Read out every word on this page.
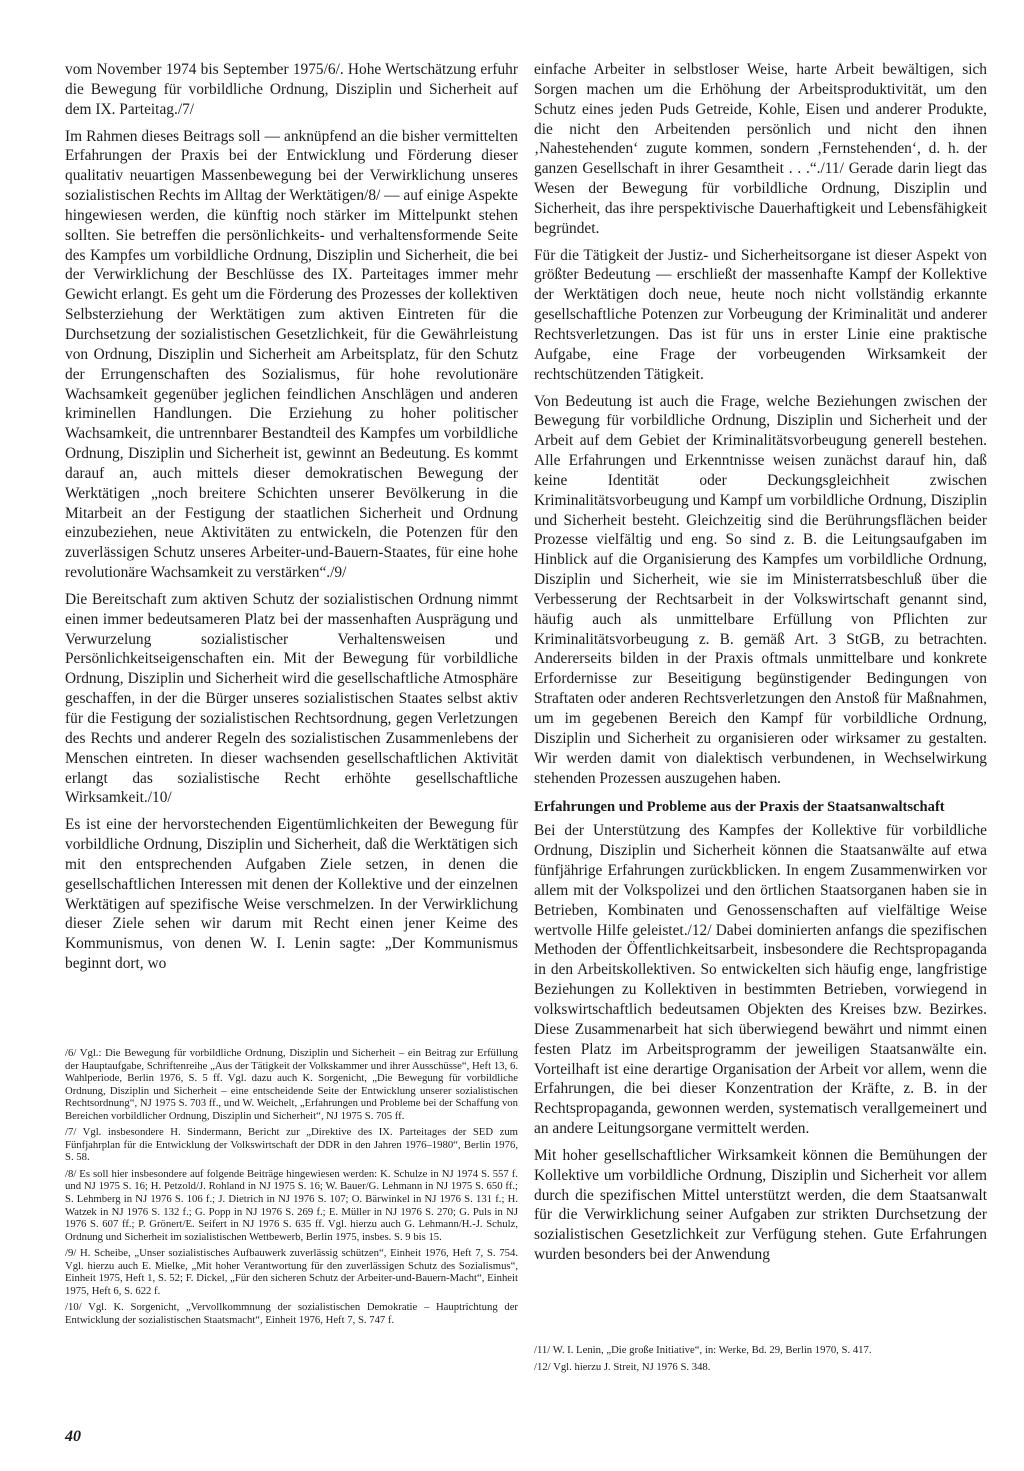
vom November 1974 bis September 1975/6/. Hohe Wertschätzung erfuhr die Bewegung für vorbildliche Ordnung, Disziplin und Sicherheit auf dem IX. Parteitag./7/

Im Rahmen dieses Beitrags soll — anknüpfend an die bisher vermittelten Erfahrungen der Praxis bei der Entwicklung und Förderung dieser qualitativ neuartigen Massenbewegung bei der Verwirklichung unseres sozialistischen Rechts im Alltag der Werktätigen/8/ — auf einige Aspekte hingewiesen werden, die künftig noch stärker im Mittelpunkt stehen sollten. Sie betreffen die persönlichkeits- und verhaltensformende Seite des Kampfes um vorbildliche Ordnung, Disziplin und Sicherheit, die bei der Verwirklichung der Beschlüsse des IX. Parteitages immer mehr Gewicht erlangt. Es geht um die Förderung des Prozesses der kollektiven Selbsterziehung der Werktätigen zum aktiven Eintreten für die Durchsetzung der sozialistischen Gesetzlichkeit, für die Gewährleistung von Ordnung, Disziplin und Sicherheit am Arbeitsplatz, für den Schutz der Errungenschaften des Sozialismus, für hohe revolutionäre Wachsamkeit gegenüber jeglichen feindlichen Anschlägen und anderen kriminellen Handlungen. Die Erziehung zu hoher politischer Wachsamkeit, die untrennbarer Bestandteil des Kampfes um vorbildliche Ordnung, Disziplin und Sicherheit ist, gewinnt an Bedeutung. Es kommt darauf an, auch mittels dieser demokratischen Bewegung der Werktätigen „noch breitere Schichten unserer Bevölkerung in die Mitarbeit an der Festigung der staatlichen Sicherheit und Ordnung einzubeziehen, neue Aktivitäten zu entwickeln, die Potenzen für den zuverlässigen Schutz unseres Arbeiter-und-Bauern-Staates, für eine hohe revolutionäre Wachsamkeit zu verstärken“./9/

Die Bereitschaft zum aktiven Schutz der sozialistischen Ordnung nimmt einen immer bedeutsameren Platz bei der massenhaften Ausprägung und Verwurzelung sozialistischer Verhaltensweisen und Persönlichkeitseigenschaften ein. Mit der Bewegung für vorbildliche Ordnung, Disziplin und Sicherheit wird die gesellschaftliche Atmosphäre geschaffen, in der die Bürger unseres sozialistischen Staates selbst aktiv für die Festigung der sozialistischen Rechtsordnung, gegen Verletzungen des Rechts und anderer Regeln des sozialistischen Zusammenlebens der Menschen eintreten. In dieser wachsenden gesellschaftlichen Aktivität erlangt das sozialistische Recht erhöhte gesellschaftliche Wirksamkeit./10/

Es ist eine der hervorstechenden Eigentümlichkeiten der Bewegung für vorbildliche Ordnung, Disziplin und Sicherheit, daß die Werktätigen sich mit den entsprechenden Aufgaben Ziele setzen, in denen die gesellschaftlichen Interessen mit denen der Kollektive und der einzelnen Werktätigen auf spezifische Weise verschmelzen. In der Verwirklichung dieser Ziele sehen wir darum mit Recht einen jener Keime des Kommunismus, von denen W. I. Lenin sagte: „Der Kommunismus beginnt dort, wo

/6/ Vgl.: Die Bewegung für vorbildliche Ordnung, Disziplin und Sicherheit – ein Beitrag zur Erfüllung der Hauptaufgabe, Schriftenreihe „Aus der Tätigkeit der Volkskammer und ihrer Ausschüsse“, Heft 13, 6. Wahlperiode, Berlin 1976, S. 5 ff. Vgl. dazu auch K. Sorgenicht, „Die Bewegung für vorbildliche Ordnung, Disziplin und Sicherheit – eine entscheidende Seite der Entwicklung unserer sozialistischen Rechtsordnung“, NJ 1975 S. 703 ff., und W. Weichelt, „Erfahrungen und Probleme bei der Schaffung von Bereichen vorbildlicher Ordnung, Disziplin und Sicherheit“, NJ 1975 S. 705 ff.

/7/ Vgl. insbesondere H. Sindermann, Bericht zur „Direktive des IX. Parteitages der SED zum Fünfjahrplan für die Entwicklung der Volkswirtschaft der DDR in den Jahren 1976–1980“, Berlin 1976, S. 58.

/8/ Es soll hier insbesondere auf folgende Beiträge hingewiesen werden: K. Schulze in NJ 1974 S. 557 f. und NJ 1975 S. 16; H. Petzold/J. Rohland in NJ 1975 S. 16; W. Bauer/G. Lehmann in NJ 1975 S. 650 ff.; S. Lehmberg in NJ 1976 S. 106 f.; J. Dietrich in NJ 1976 S. 107; O. Bärwinkel in NJ 1976 S. 131 f.; H. Watzek in NJ 1976 S. 132 f.; G. Popp in NJ 1976 S. 269 f.; E. Müller in NJ 1976 S. 270; G. Puls in NJ 1976 S. 607 ff.; P. Grönert/E. Seifert in NJ 1976 S. 635 ff. Vgl. hierzu auch G. Lehmann/H.-J. Schulz, Ordnung und Sicherheit im sozialistischen Wettbewerb, Berlin 1975, insbes. S. 9 bis 15.

/9/ H. Scheibe, „Unser sozialistisches Aufbauwerk zuverlässig schützen“, Einheit 1976, Heft 7, S. 754. Vgl. hierzu auch E. Mielke, „Mit hoher Verantwortung für den zuverlässigen Schutz des Sozialismus“, Einheit 1975, Heft 1, S. 52; F. Dickel, „Für den sicheren Schutz der Arbeiter-und-Bauern-Macht“, Einheit 1975, Heft 6, S. 622 f.

/10/ Vgl. K. Sorgenicht, „Vervollkommnung der sozialistischen Demokratie – Hauptrichtung der Entwicklung der sozialistischen Staatsmacht“, Einheit 1976, Heft 7, S. 747 f.

einfache Arbeiter in selbstloser Weise, harte Arbeit bewältigen, sich Sorgen machen um die Erhöhung der Arbeitsproduktivität, um den Schutz eines jeden Puds Getreide, Kohle, Eisen und anderer Produkte, die nicht den Arbeitenden persönlich und nicht den ihnen ‚Nahestehenden‘ zugute kommen, sondern ‚Fernstehenden‘, d. h. der ganzen Gesellschaft in ihrer Gesamtheit . . .“./11/ Gerade darin liegt das Wesen der Bewegung für vorbildliche Ordnung, Disziplin und Sicherheit, das ihre perspektivische Dauerhaftigkeit und Lebensfähigkeit begründet.

Für die Tätigkeit der Justiz- und Sicherheitsorgane ist dieser Aspekt von größter Bedeutung — erschließt der massenhafte Kampf der Kollektive der Werktätigen doch neue, heute noch nicht vollständig erkannte gesellschaftliche Potenzen zur Vorbeugung der Kriminalität und anderer Rechtsverletzungen. Das ist für uns in erster Linie eine praktische Aufgabe, eine Frage der vorbeugenden Wirksamkeit der rechtschützenden Tätigkeit.

Von Bedeutung ist auch die Frage, welche Beziehungen zwischen der Bewegung für vorbildliche Ordnung, Disziplin und Sicherheit und der Arbeit auf dem Gebiet der Kriminalitätsvorbeugung generell bestehen. Alle Erfahrungen und Erkenntnisse weisen zunächst darauf hin, daß keine Identität oder Deckungsgleichheit zwischen Kriminalitätsvorbeugung und Kampf um vorbildliche Ordnung, Disziplin und Sicherheit besteht. Gleichzeitig sind die Berührungsflächen beider Prozesse vielfältig und eng. So sind z. B. die Leitungsaufgaben im Hinblick auf die Organisierung des Kampfes um vorbildliche Ordnung, Disziplin und Sicherheit, wie sie im Ministerratsbeschluß über die Verbesserung der Rechtsarbeit in der Volkswirtschaft genannt sind, häufig auch als unmittelbare Erfüllung von Pflichten zur Kriminalitätsvorbeugung z. B. gemäß Art. 3 StGB, zu betrachten. Andererseits bilden in der Praxis oftmals unmittelbare und konkrete Erfordernisse zur Beseitigung begünstigender Bedingungen von Straftaten oder anderen Rechtsverletzungen den Anstoß für Maßnahmen, um im gegebenen Bereich den Kampf für vorbildliche Ordnung, Disziplin und Sicherheit zu organisieren oder wirksamer zu gestalten. Wir werden damit von dialektisch verbundenen, in Wechselwirkung stehenden Prozessen auszugehen haben.

Erfahrungen und Probleme aus der Praxis der Staatsanwaltschaft

Bei der Unterstützung des Kampfes der Kollektive für vorbildliche Ordnung, Disziplin und Sicherheit können die Staatsanwälte auf etwa fünfjährige Erfahrungen zurückblicken. In engem Zusammenwirken vor allem mit der Volkspolizei und den örtlichen Staatsorganen haben sie in Betrieben, Kombinaten und Genossenschaften auf vielfältige Weise wertvolle Hilfe geleistet./12/ Dabei dominierten anfangs die spezifischen Methoden der Öffentlichkeitsarbeit, insbesondere die Rechtspropaganda in den Arbeitskollektiven. So entwickelten sich häufig enge, langfristige Beziehungen zu Kollektiven in bestimmten Betrieben, vorwiegend in volkswirtschaftlich bedeutsamen Objekten des Kreises bzw. Bezirkes. Diese Zusammenarbeit hat sich überwiegend bewährt und nimmt einen festen Platz im Arbeitsprogramm der jeweiligen Staatsanwälte ein. Vorteilhaft ist eine derartige Organisation der Arbeit vor allem, wenn die Erfahrungen, die bei dieser Konzentration der Kräfte, z. B. in der Rechtspropaganda, gewonnen werden, systematisch verallgemeinert und an andere Leitungsorgane vermittelt werden.

Mit hoher gesellschaftlicher Wirksamkeit können die Bemühungen der Kollektive um vorbildliche Ordnung, Disziplin und Sicherheit vor allem durch die spezifischen Mittel unterstützt werden, die dem Staatsanwalt für die Verwirklichung seiner Aufgaben zur strikten Durchsetzung der sozialistischen Gesetzlichkeit zur Verfügung stehen. Gute Erfahrungen wurden besonders bei der Anwendung

/11/ W. I. Lenin, „Die große Initiative“, in: Werke, Bd. 29, Berlin 1970, S. 417.

/12/ Vgl. hierzu J. Streit, NJ 1976 S. 348.

40
